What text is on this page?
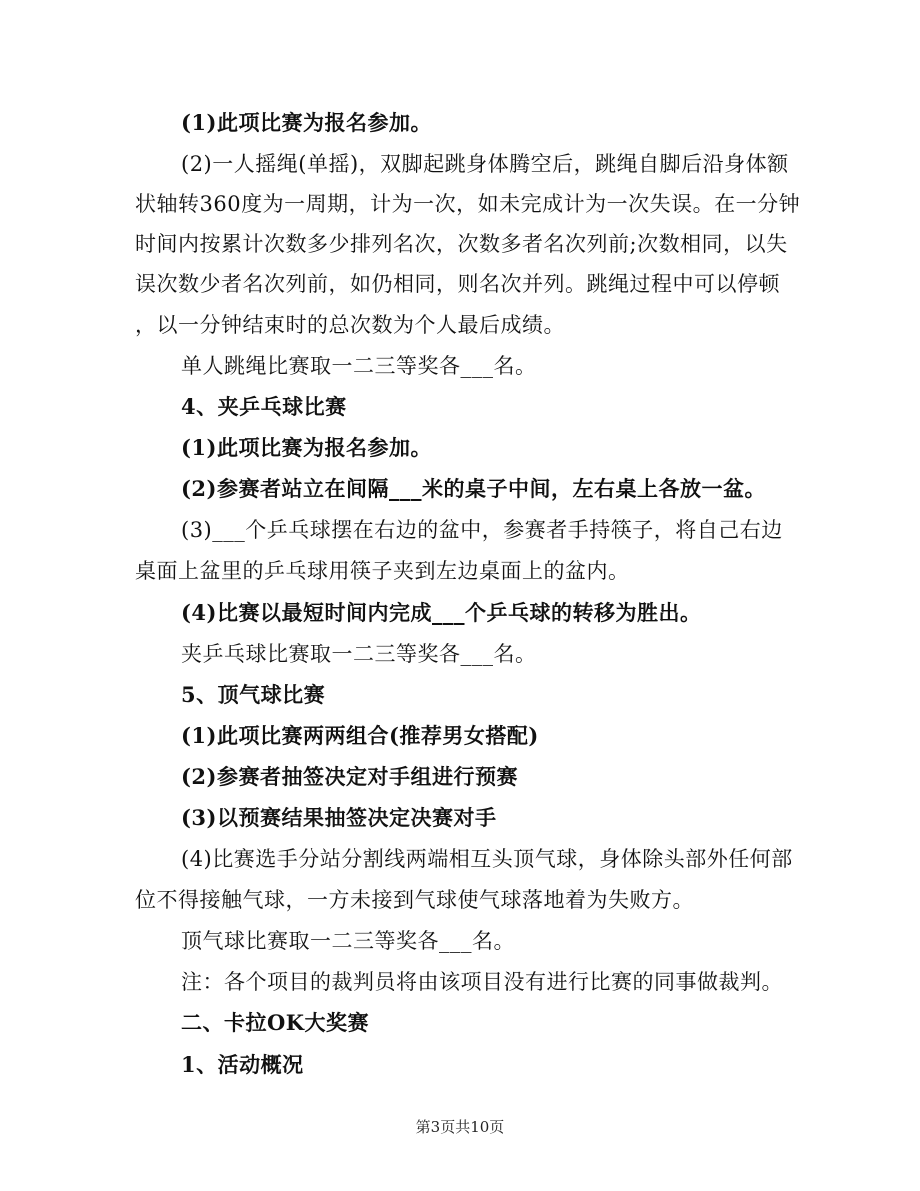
(1)此项比赛为报名参加。
(2)一人摇绳(单摇)，双脚起跳身体腾空后，跳绳自脚后沿身体额
状轴转360度为一周期，计为一次，如未完成计为一次失误。在一分钟
时间内按累计次数多少排列名次，次数多者名次列前;次数相同，以失
误次数少者名次列前，如仍相同，则名次并列。跳绳过程中可以停顿
，以一分钟结束时的总次数为个人最后成绩。
单人跳绳比赛取一二三等奖各___名。
4、夹乒乓球比赛
(1)此项比赛为报名参加。
(2)参赛者站立在间隔___米的桌子中间，左右桌上各放一盆。
(3)___个乒乓球摆在右边的盆中，参赛者手持筷子，将自己右边
桌面上盆里的乒乓球用筷子夹到左边桌面上的盆内。
(4)比赛以最短时间内完成___个乒乓球的转移为胜出。
夹乒乓球比赛取一二三等奖各___名。
5、顶气球比赛
(1)此项比赛两两组合(推荐男女搭配)
(2)参赛者抽签决定对手组进行预赛
(3)以预赛结果抽签决定决赛对手
(4)比赛选手分站分割线两端相互头顶气球，身体除头部外任何部
位不得接触气球，一方未接到气球使气球落地着为失败方。
顶气球比赛取一二三等奖各___名。
注：各个项目的裁判员将由该项目没有进行比赛的同事做裁判。
二、卡拉OK大奖赛
1、活动概况
第3页共10页
